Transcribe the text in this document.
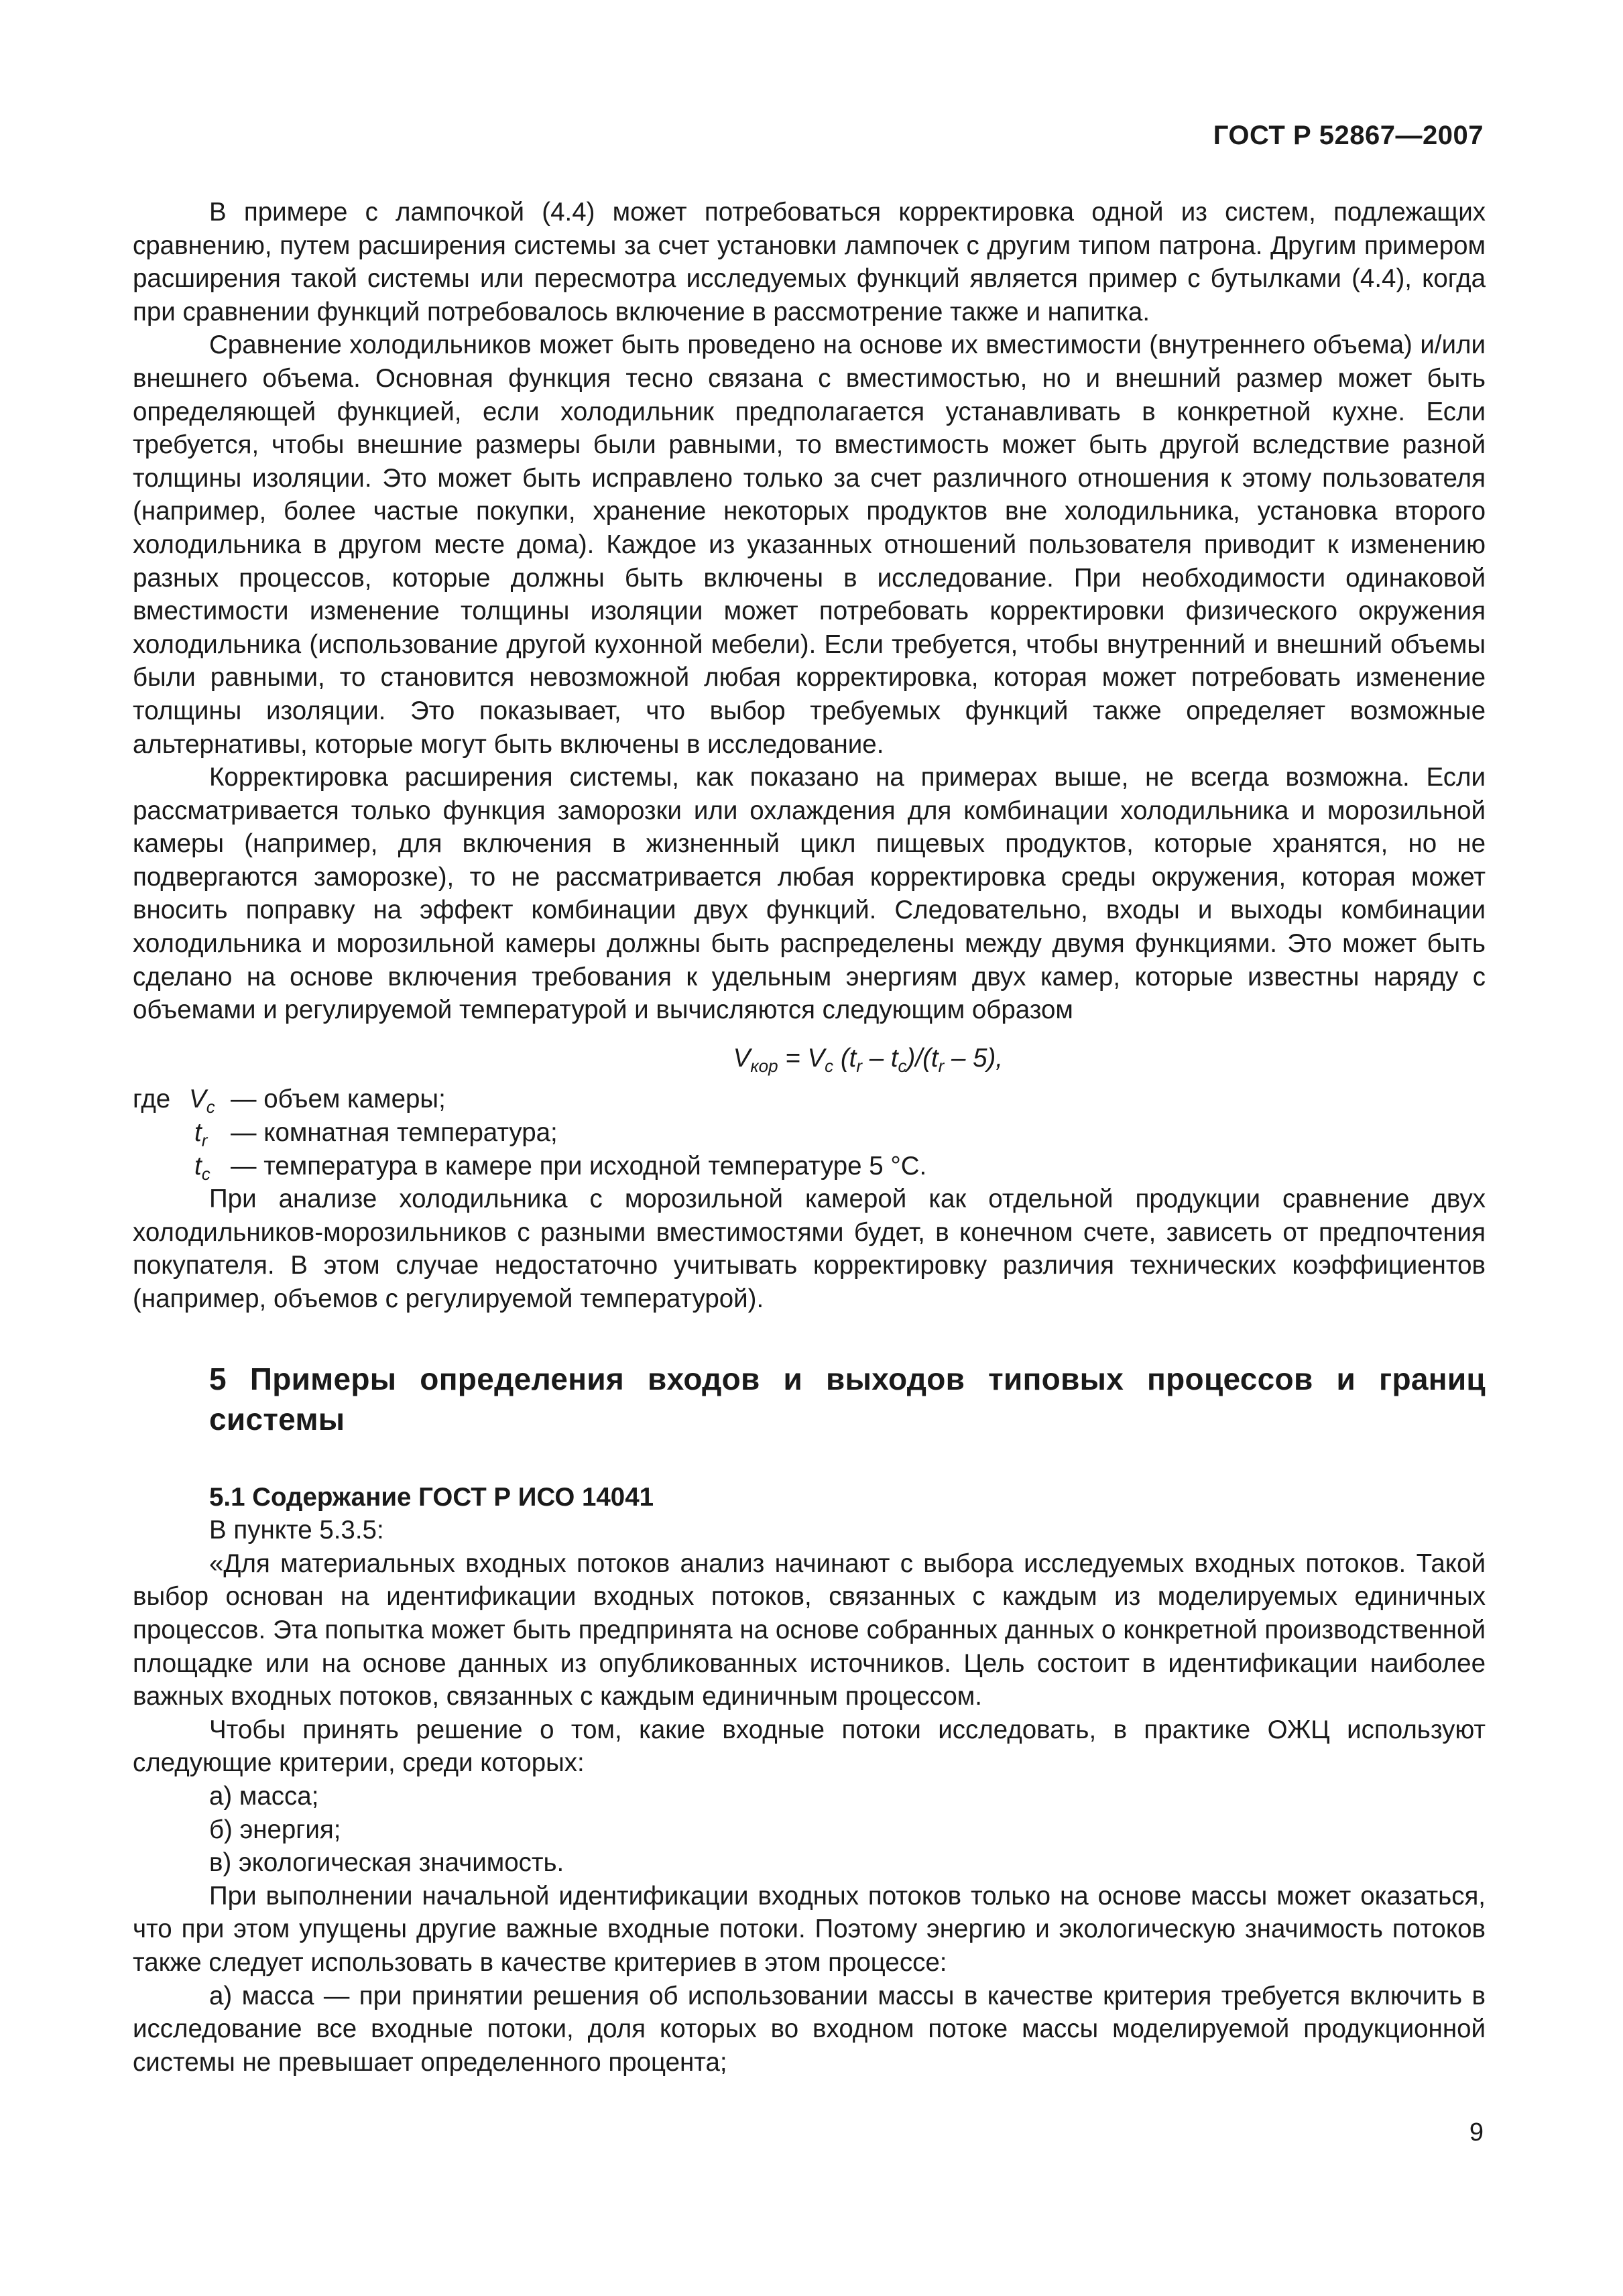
ГОСТ Р 52867—2007

В примере с лампочкой (4.4) может потребоваться корректировка одной из систем, подлежащих сравнению, путем расширения системы за счет установки лампочек с другим типом патрона. Другим примером расширения такой системы или пересмотра исследуемых функций является пример с бутылками (4.4), когда при сравнении функций потребовалось включение в рассмотрение также и напитка.

Сравнение холодильников может быть проведено на основе их вместимости (внутреннего объема) и/или внешнего объема. Основная функция тесно связана с вместимостью, но и внешний размер может быть определяющей функцией, если холодильник предполагается устанавливать в конкретной кухне. Если требуется, чтобы внешние размеры были равными, то вместимость может быть другой вследствие разной толщины изоляции. Это может быть исправлено только за счет различного отношения к этому пользователя (например, более частые покупки, хранение некоторых продуктов вне холодильника, установка второго холодильника в другом месте дома). Каждое из указанных отношений пользователя приводит к изменению разных процессов, которые должны быть включены в исследование. При необходимости одинаковой вместимости изменение толщины изоляции может потребовать корректировки физического окружения холодильника (использование другой кухонной мебели). Если требуется, чтобы внутренний и внешний объемы были равными, то становится невозможной любая корректировка, которая может потребовать изменение толщины изоляции. Это показывает, что выбор требуемых функций также определяет возможные альтернативы, которые могут быть включены в исследование.

Корректировка расширения системы, как показано на примерах выше, не всегда возможна. Если рассматривается только функция заморозки или охлаждения для комбинации холодильника и морозильной камеры (например, для включения в жизненный цикл пищевых продуктов, которые хранятся, но не подвергаются заморозке), то не рассматривается любая корректировка среды окружения, которая может вносить поправку на эффект комбинации двух функций. Следовательно, входы и выходы комбинации холодильника и морозильной камеры должны быть распределены между двумя функциями. Это может быть сделано на основе включения требования к удельным энергиям двух камер, которые известны наряду с объемами и регулируемой температурой и вычисляются следующим образом

$V_{кор} = V_c$ $(t_r - t_c)/(t_r - 5)$,
где $V_c$ — объем камеры;
$t_r$ — комнатная температура;
$t_c$ — температура в камере при исходной температуре 5 °С.

При анализе холодильника с морозильной камерой как отдельной продукции сравнение двух холодильников-морозильников с разными вместимостями будет, в конечном счете, зависеть от предпочтения покупателя. В этом случае недостаточно учитывать корректировку различия технических коэффициентов (например, объемов с регулируемой температурой).

5 Примеры определения входов и выходов типовых процессов и границ системы
5.1 Содержание ГОСТ Р ИСО 14041

В пункте 5.3.5:

«Для материальных входных потоков анализ начинают с выбора исследуемых входных потоков. Такой выбор основан на идентификации входных потоков, связанных с каждым из моделируемых единичных процессов. Эта попытка может быть предпринята на основе собранных данных о конкретной производственной площадке или на основе данных из опубликованных источников. Цель состоит в идентификации наиболее важных входных потоков, связанных с каждым единичным процессом.

Чтобы принять решение о том, какие входные потоки исследовать, в практике ОЖЦ используют следующие критерии, среди которых:

а) масса;

б) энергия;

в) экологическая значимость.

При выполнении начальной идентификации входных потоков только на основе массы может оказаться, что при этом упущены другие важные входные потоки. Поэтому энергию и экологическую значимость потоков также следует использовать в качестве критериев в этом процессе:

а) масса — при принятии решения об использовании массы в качестве критерия требуется включить в исследование все входные потоки, доля которых во входном потоке массы моделируемой продукционной системы не превышает определенного процента;

9
